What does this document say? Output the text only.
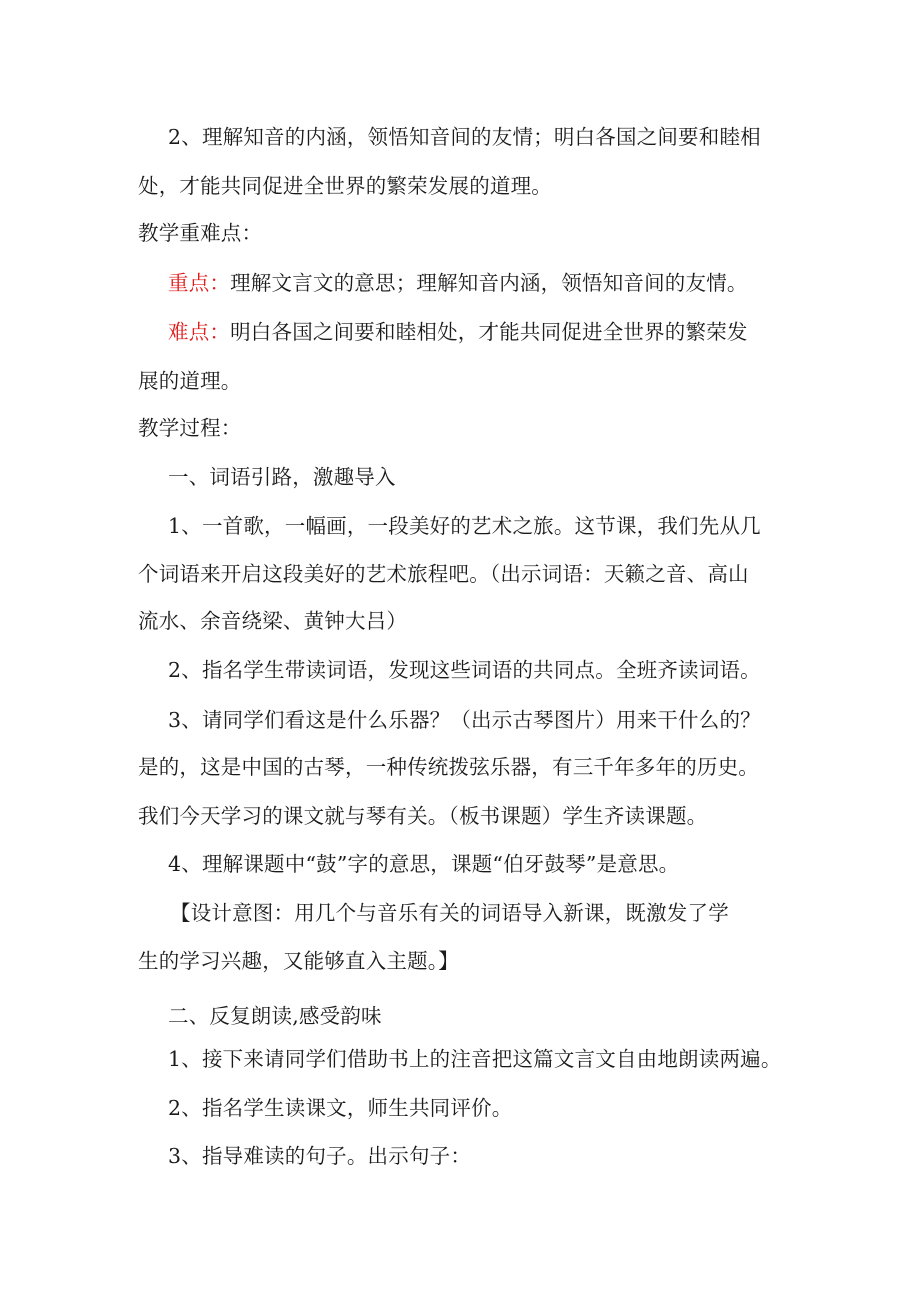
2、理解知音的内涵，领悟知音间的友情；明白各国之间要和睦相
处，才能共同促进全世界的繁荣发展的道理。
教学重难点：
重点：理解文言文的意思；理解知音内涵，领悟知音间的友情。
难点：明白各国之间要和睦相处，才能共同促进全世界的繁荣发
展的道理。
教学过程：
一、词语引路，激趣导入
1、一首歌，一幅画，一段美好的艺术之旅。这节课，我们先从几
个词语来开启这段美好的艺术旅程吧。（出示词语：天籁之音、高山
流水、余音绕梁、黄钟大吕）
2、指名学生带读词语，发现这些词语的共同点。全班齐读词语。
3、请同学们看这是什么乐器？（出示古琴图片）用来干什么的？
是的，这是中国的古琴，一种传统拨弦乐器，有三千年多年的历史。
我们今天学习的课文就与琴有关。（板书课题）学生齐读课题。
4、理解课题中“鼓”字的意思，课题“伯牙鼓琴”是意思。
【设计意图：用几个与音乐有关的词语导入新课，既激发了学
生的学习兴趣，又能够直入主题。】
二、反复朗读,感受韵味
1、接下来请同学们借助书上的注音把这篇文言文自由地朗读两遍。
2、指名学生读课文，师生共同评价。
3、指导难读的句子。出示句子：
